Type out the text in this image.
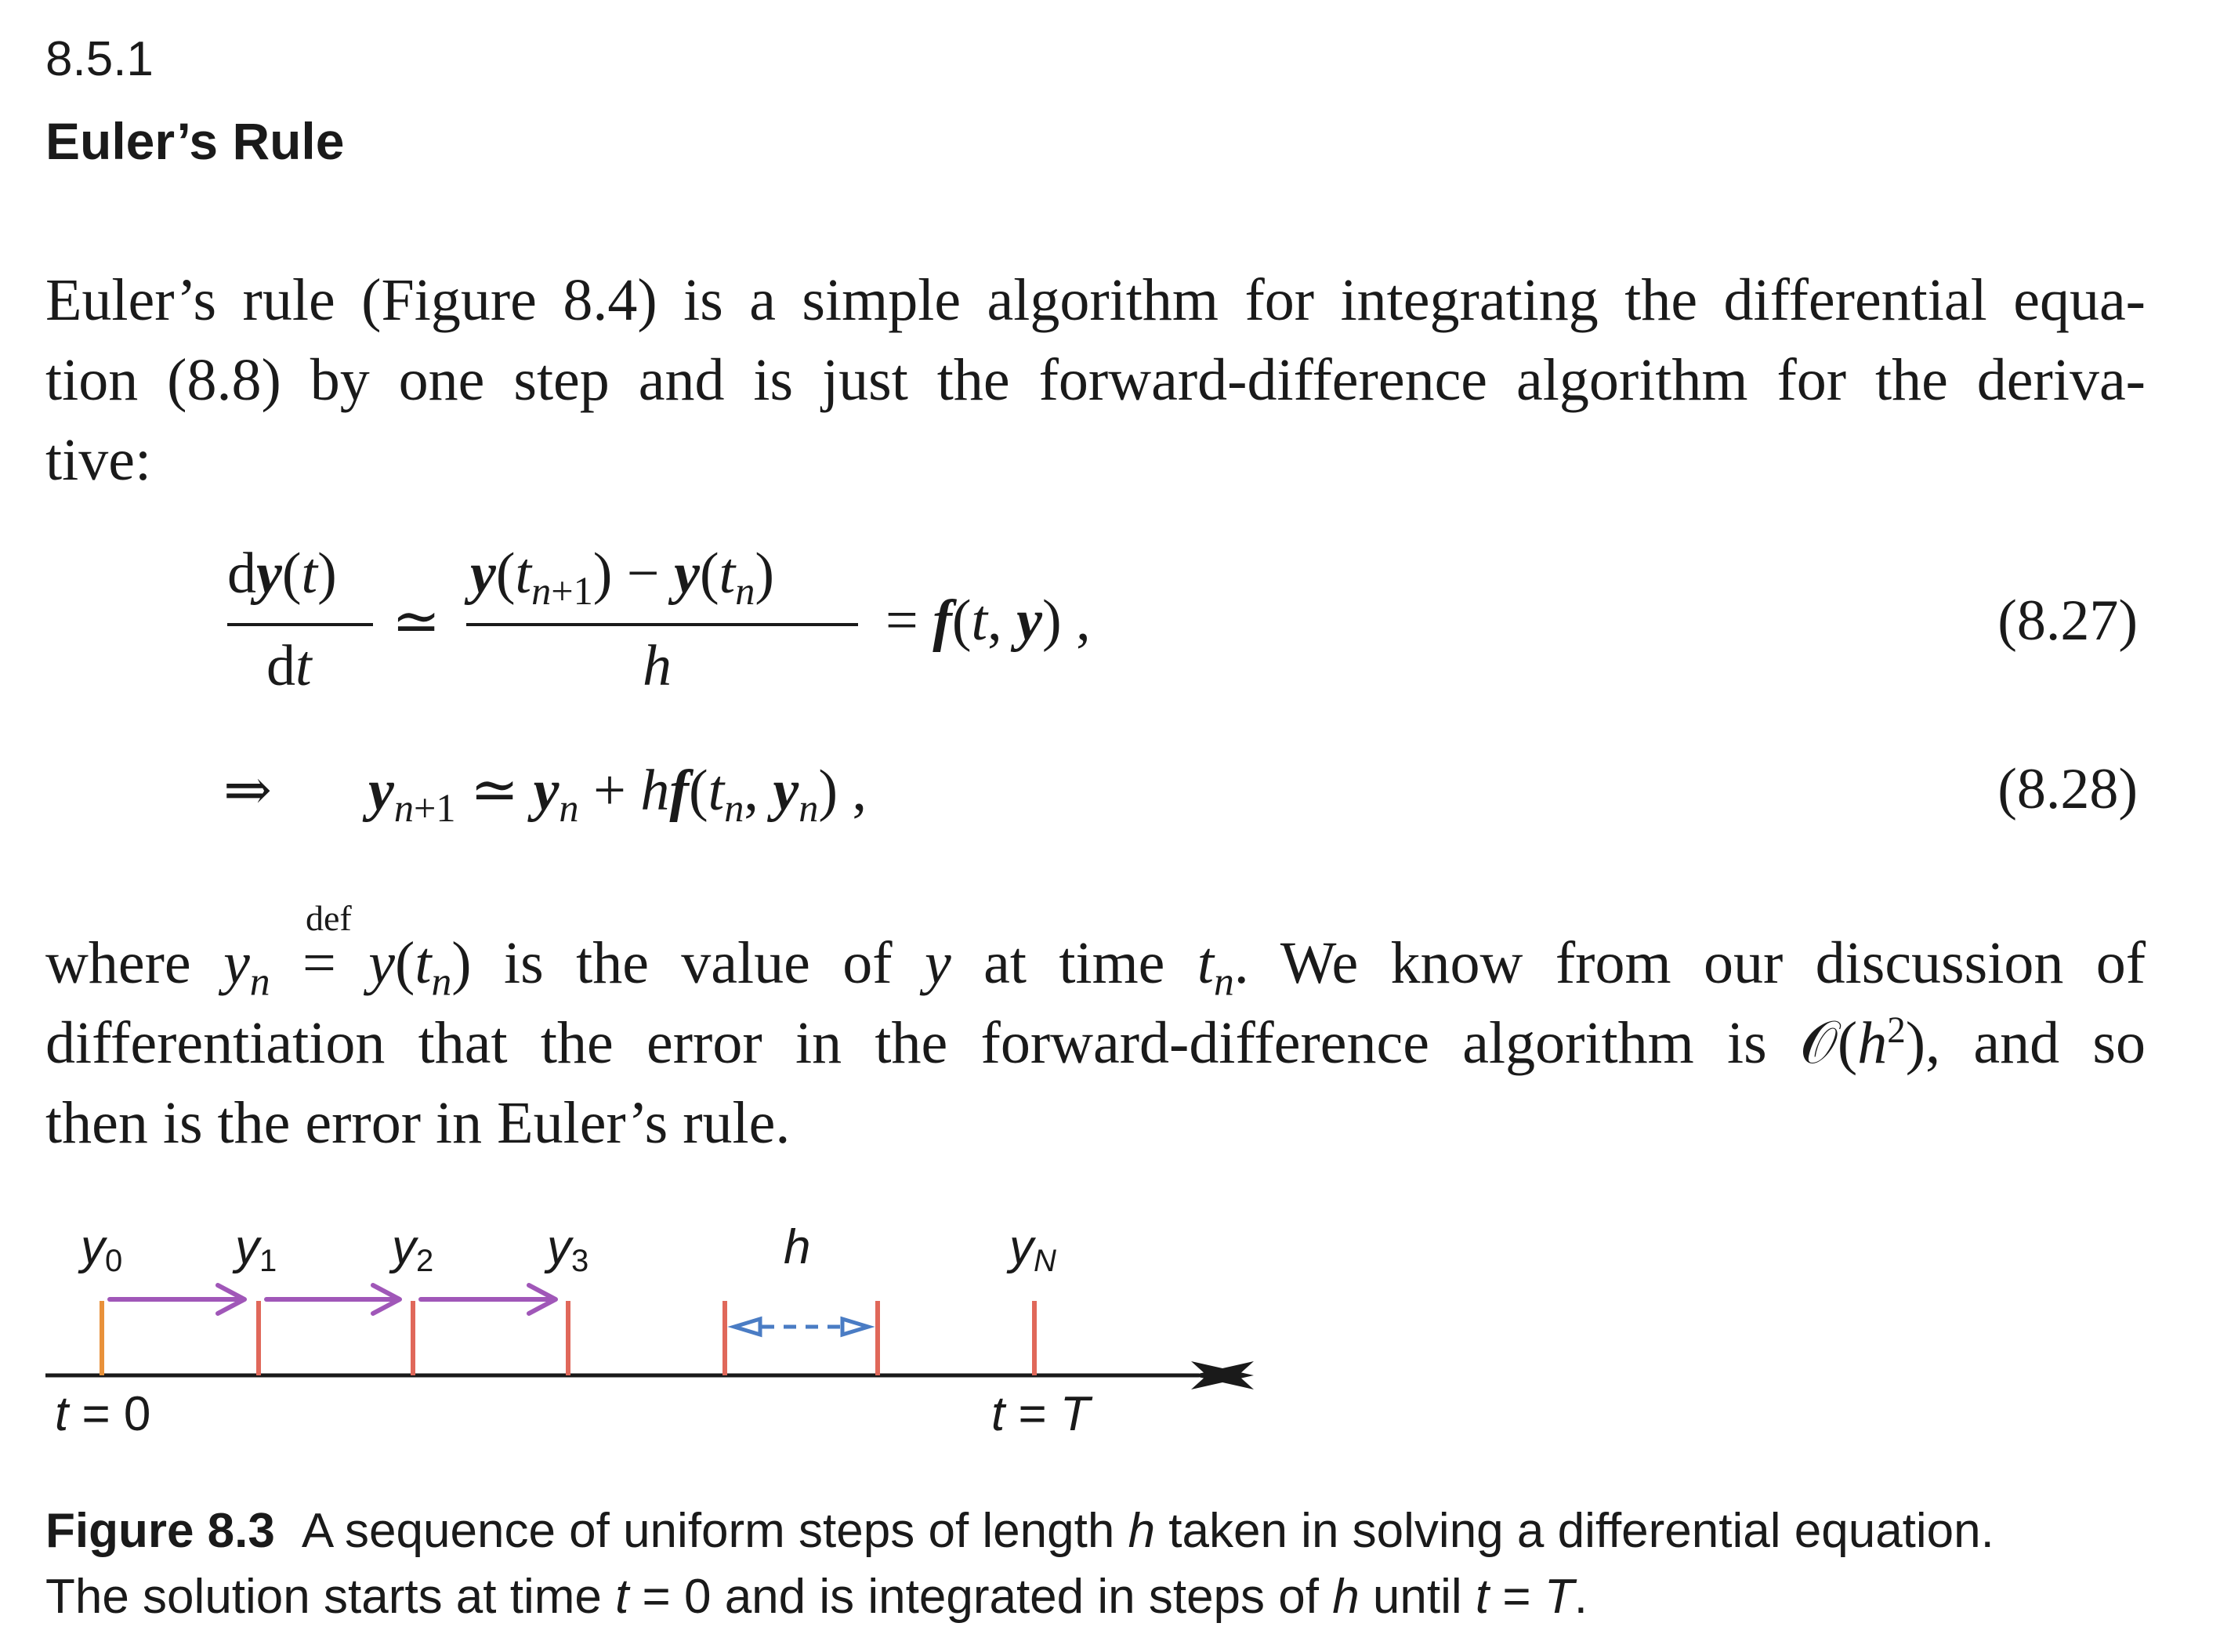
8.5.1
Euler’s Rule
Euler’s rule (Figure 8.4) is a simple algorithm for integrating the differential equa-
tion (8.8) by one step and is just the forward-difference algorithm for the deriva-
tive:
dy(t)
dt
≃
$y(t_{n+1}) - y(t_n)$
h
= f(t, y) ,	(8.27)
⇒ $y_{n+1}$ ≃ $y_n + hf(t_n$, $y_n$) ,	(8.28)
def
where $y_n = y(t_n)$ is the value of y at time $t_n$. We know from our discussion of
differentiation that the error in the forward-difference algorithm is $𝒪(h^2)$, and so
then is the error in Euler’s rule.
y0 y1 y2 y3	h	yN
t = 0	t = T
Figure 8.3 A sequence of uniform steps of length h taken in solving a differential equation.
The solution starts at time t = 0 and is integrated in steps of h until t = T.
